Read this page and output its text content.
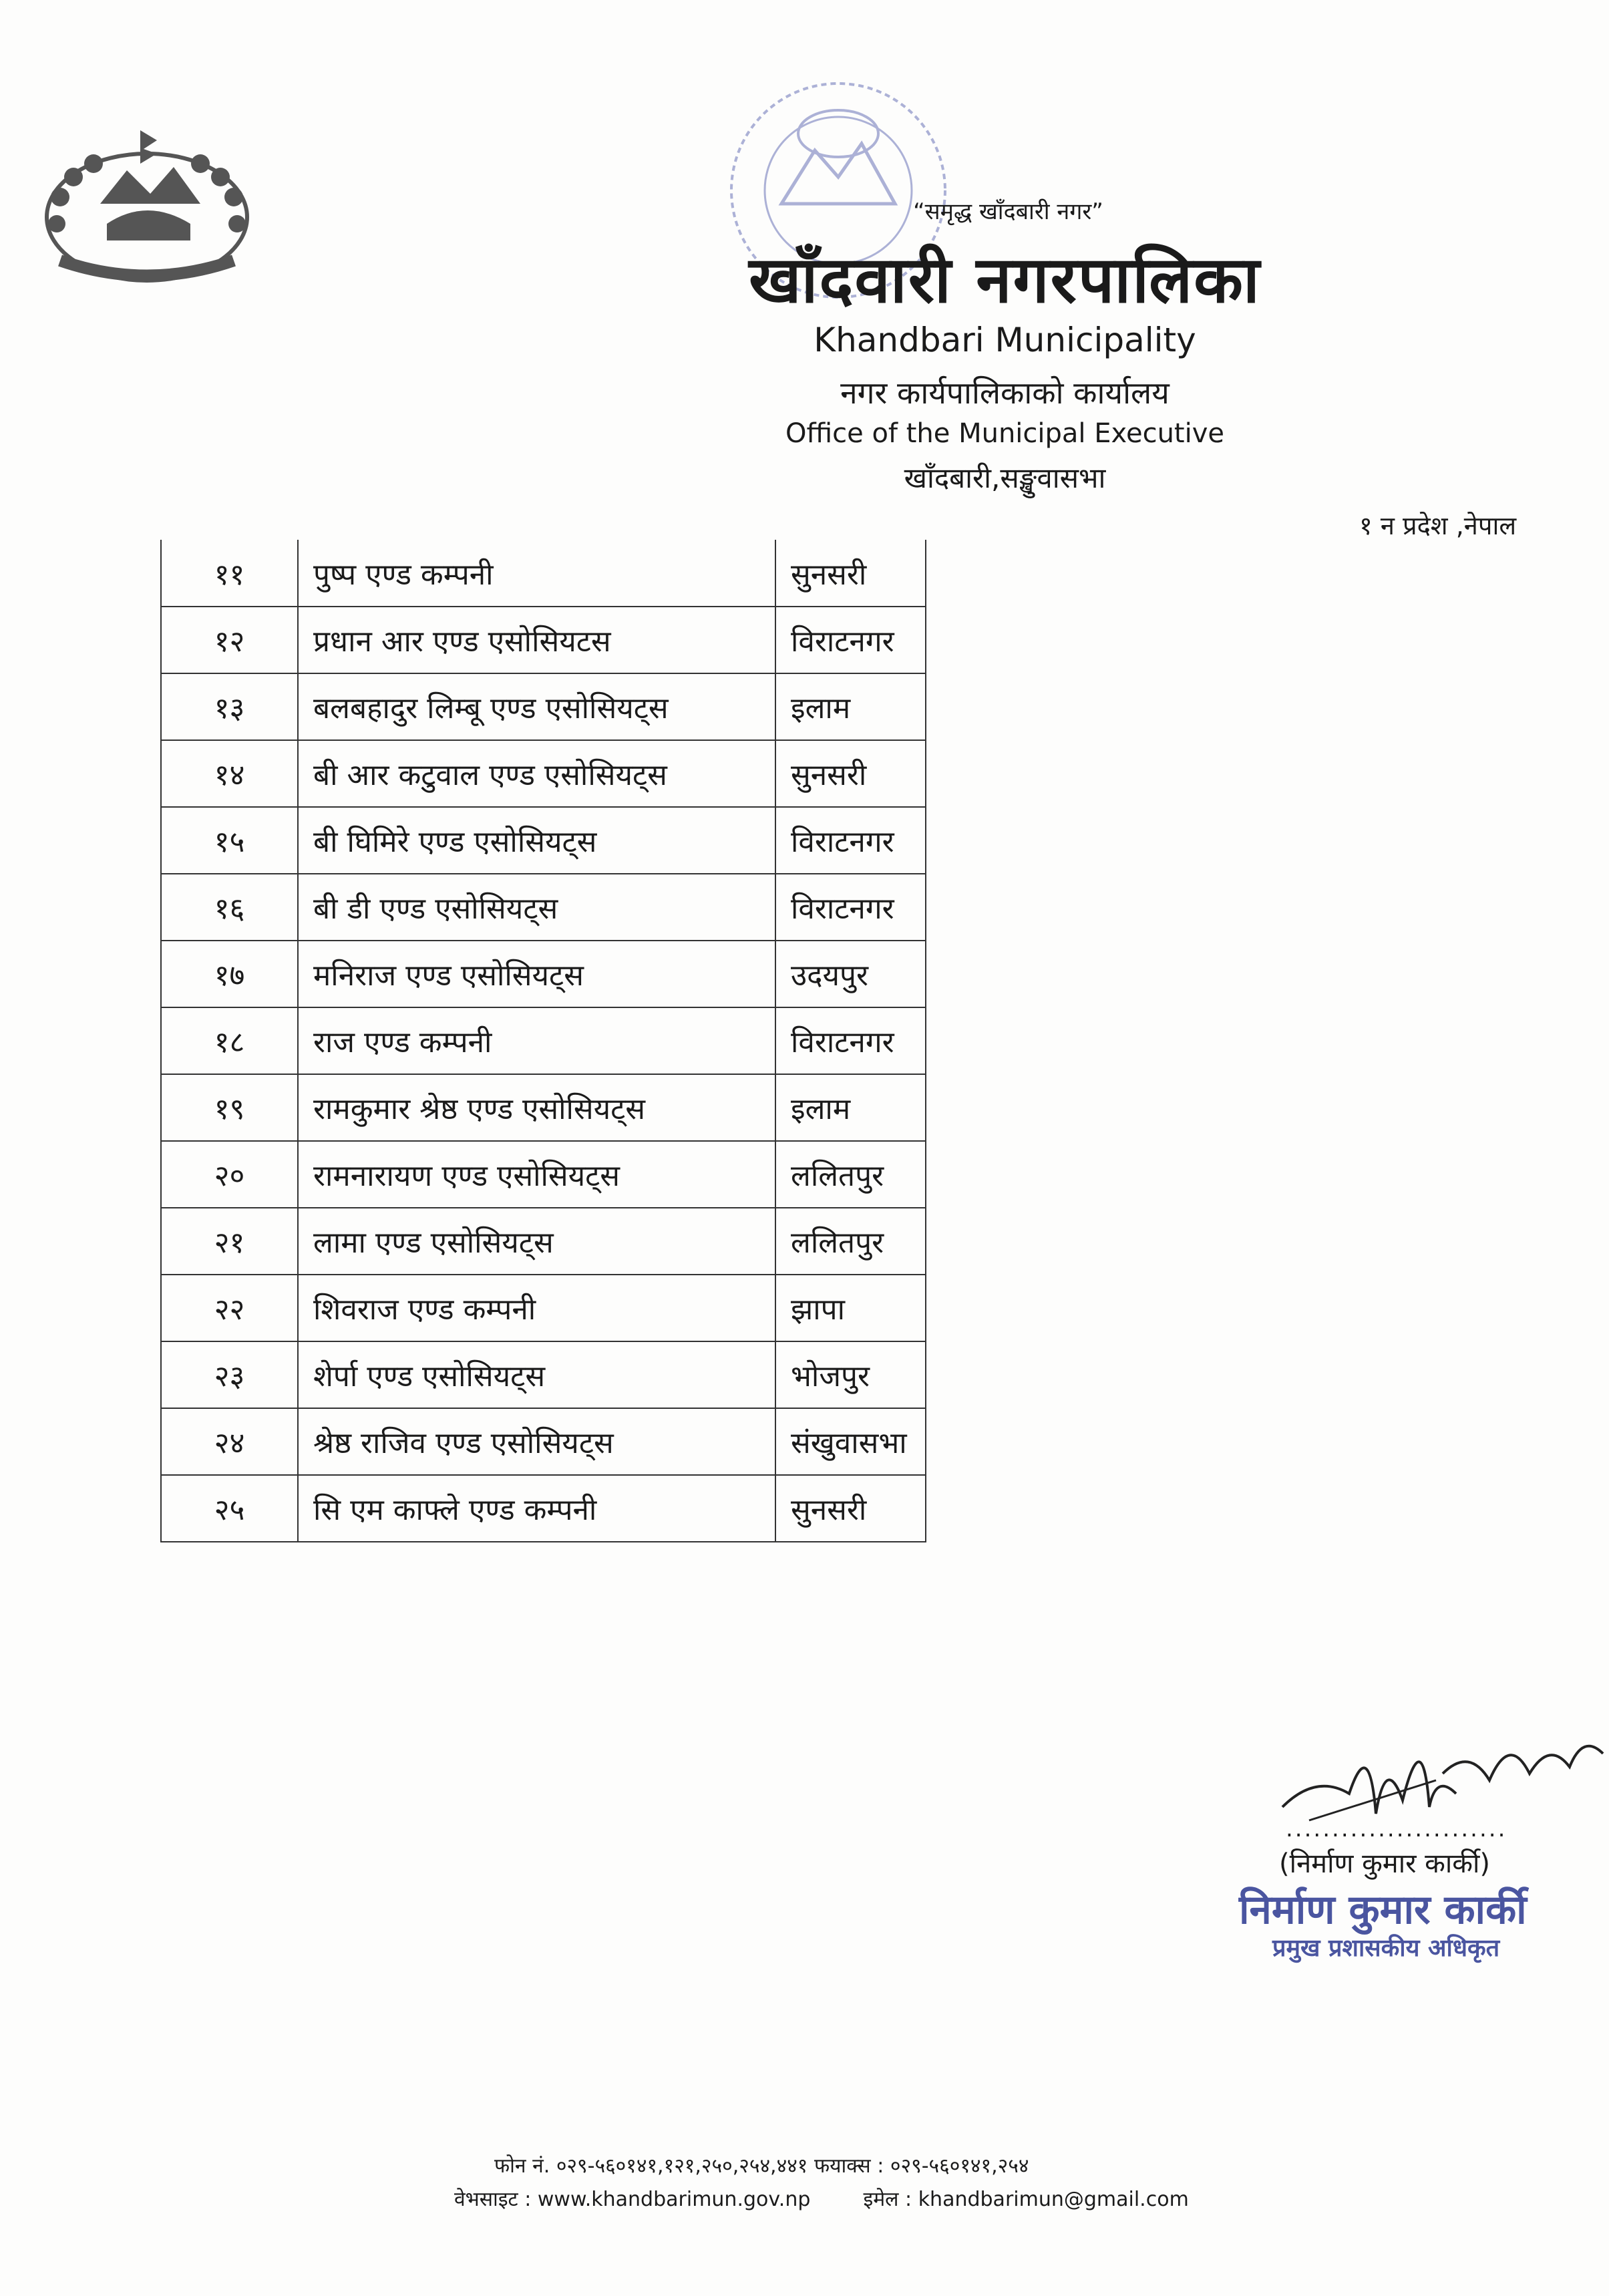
“समृद्ध खाँदबारी नगर”
खाँदवारी नगरपालिका
Khandbari Municipality
नगर कार्यपालिकाको कार्यालय
Office of the Municipal Executive
खाँदबारी,सङ्खुवासभा
१ न प्रदेश ,नेपाल
११	पुष्प एण्ड कम्पनी	सुनसरी
१२	प्रधान आर एण्ड एसोसियटस	विराटनगर
१३	बलबहादुर लिम्बू एण्ड एसोसियट्स	इलाम
१४	बी आर कटुवाल एण्ड एसोसियट्स	सुनसरी
१५	बी घिमिरे एण्ड एसोसियट्स	विराटनगर
१६	बी डी एण्ड एसोसियट्स	विराटनगर
१७	मनिराज एण्ड एसोसियट्स	उदयपुर
१८	राज एण्ड कम्पनी	विराटनगर
१९	रामकुमार श्रेष्ठ एण्ड एसोसियट्स	इलाम
२०	रामनारायण एण्ड एसोसियट्स	ललितपुर
२१	लामा एण्ड एसोसियट्स	ललितपुर
२२	शिवराज एण्ड कम्पनी	झापा
२३	शेर्पा एण्ड एसोसियट्स	भोजपुर
२४	श्रेष्ठ राजिव एण्ड एसोसियट्स	संखुवासभा
२५	सि एम काफ्ले एण्ड कम्पनी	सुनसरी
........................
(निर्माण कुमार कार्की)
निर्माण कुमार कार्की
प्रमुख प्रशासकीय अधिकृत
फोन नं. ०२९-५६०१४१,१२१,२५०,२५४,४४१ फयाक्स : ०२९-५६०१४१,२५४
वेभसाइट : www.khandbarimun.gov.np	इमेल : khandbarimun@gmail.com
